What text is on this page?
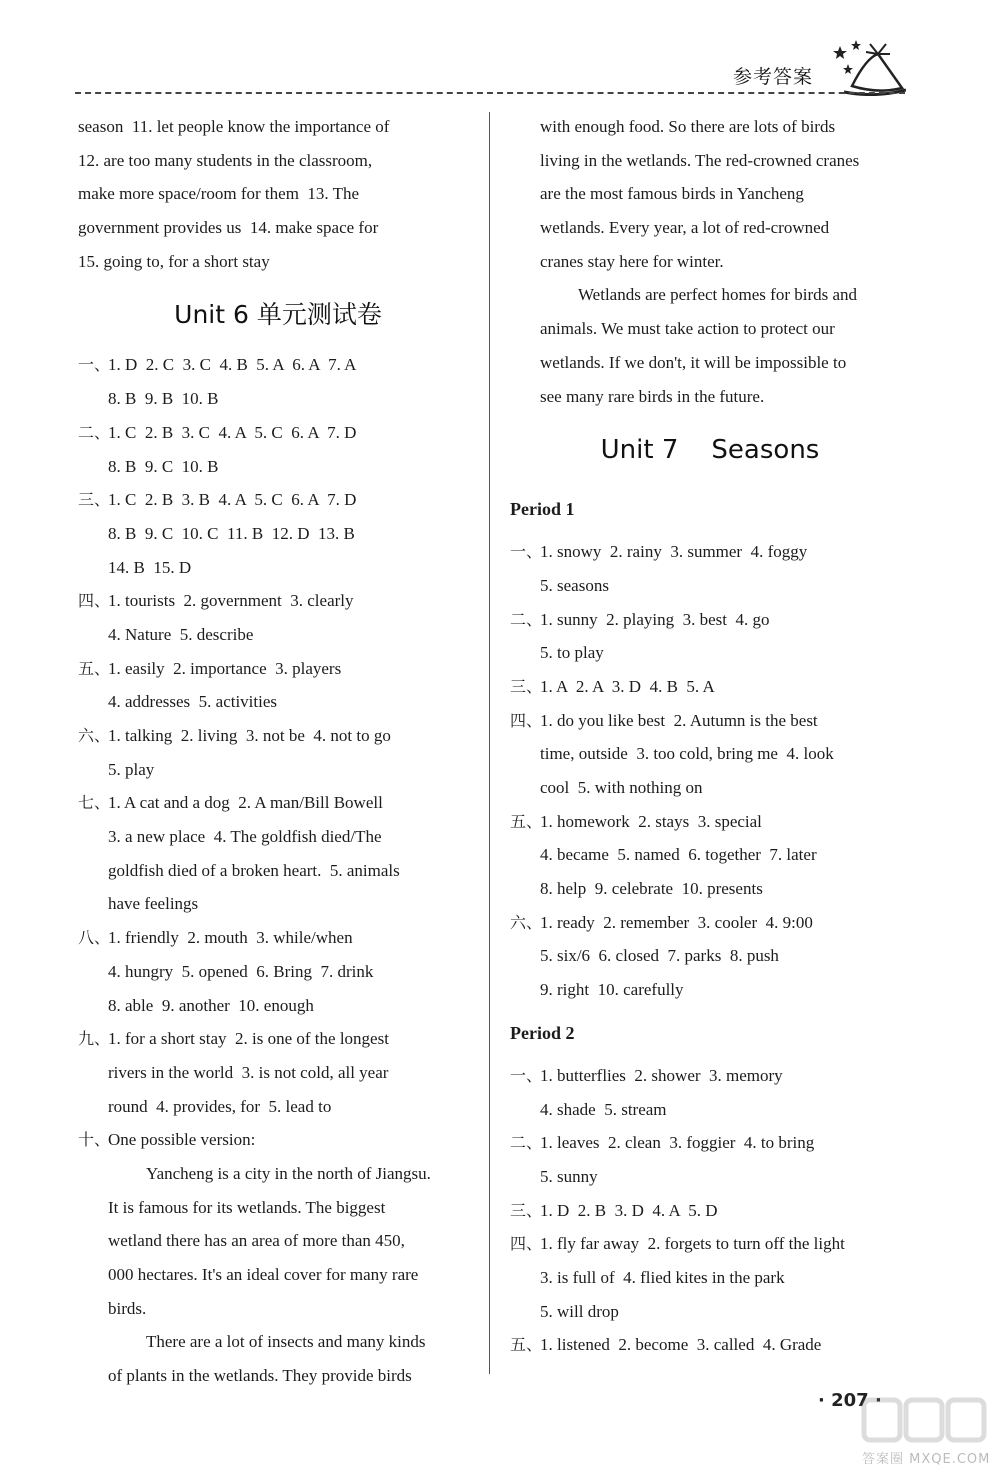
参考答案
season  11. let people know the importance of
12. are too many students in the classroom,
make more space/room for them  13. The
government provides us  14. make space for
15. going to, for a short stay
Unit 6 单元测试卷
一、1. D  2. C  3. C  4. B  5. A  6. A  7. A
8. B  9. B  10. B
二、1. C  2. B  3. C  4. A  5. C  6. A  7. D
8. B  9. C  10. B
三、1. C  2. B  3. B  4. A  5. C  6. A  7. D
8. B  9. C  10. C  11. B  12. D  13. B
14. B  15. D
四、1. tourists  2. government  3. clearly
4. Nature  5. describe
五、1. easily  2. importance  3. players
4. addresses  5. activities
六、1. talking  2. living  3. not be  4. not to go
5. play
七、1. A cat and a dog  2. A man/Bill Bowell
3. a new place  4. The goldfish died/The
goldfish died of a broken heart.  5. animals
have feelings
八、1. friendly  2. mouth  3. while/when
4. hungry  5. opened  6. Bring  7. drink
8. able  9. another  10. enough
九、1. for a short stay  2. is one of the longest
rivers in the world  3. is not cold, all year
round  4. provides, for  5. lead to
十、One possible version:
Yancheng is a city in the north of Jiangsu.
It is famous for its wetlands. The biggest
wetland there has an area of more than 450,
000 hectares. It's an ideal cover for many rare
birds.
There are a lot of insects and many kinds
of plants in the wetlands. They provide birds
with enough food. So there are lots of birds
living in the wetlands. The red-crowned cranes
are the most famous birds in Yancheng
wetlands. Every year, a lot of red-crowned
cranes stay here for winter.
Wetlands are perfect homes for birds and
animals. We must take action to protect our
wetlands. If we don't, it will be impossible to
see many rare birds in the future.
Unit 7    Seasons
Period 1
一、1. snowy  2. rainy  3. summer  4. foggy
5. seasons
二、1. sunny  2. playing  3. best  4. go
5. to play
三、1. A  2. A  3. D  4. B  5. A
四、1. do you like best  2. Autumn is the best
time, outside  3. too cold, bring me  4. look
cool  5. with nothing on
五、1. homework  2. stays  3. special
4. became  5. named  6. together  7. later
8. help  9. celebrate  10. presents
六、1. ready  2. remember  3. cooler  4. 9:00
5. six/6  6. closed  7. parks  8. push
9. right  10. carefully
Period 2
一、1. butterflies  2. shower  3. memory
4. shade  5. stream
二、1. leaves  2. clean  3. foggier  4. to bring
5. sunny
三、1. D  2. B  3. D  4. A  5. D
四、1. fly far away  2. forgets to turn off the light
3. is full of  4. flied kites in the park
5. will drop
五、1. listened  2. become  3. called  4. Grade
· 207 ·
答案圈 MXQE.COM
